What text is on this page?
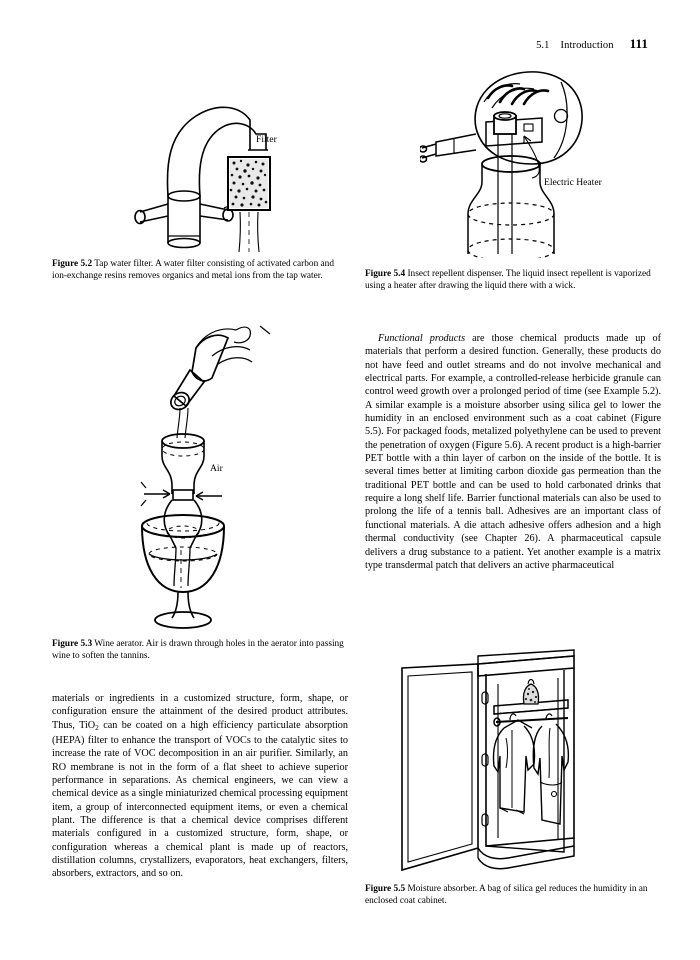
5.1 Introduction 111
Filter
Figure 5.2 Tap water filter. A water filter consisting of activated carbon and ion-exchange resins removes organics and metal ions from the tap water.
Electric Heater
Figure 5.4 Insect repellent dispenser. The liquid insect repellent is vaporized using a heater after drawing the liquid there with a wick.

Functional products are those chemical products made up of materials that perform a desired function. Generally, these products do not have feed and outlet streams and do not involve mechanical and electrical parts. For example, a controlled-release herbicide granule can control weed growth over a prolonged period of time (see Example 5.2). A similar example is a moisture absorber using silica gel to lower the humidity in an enclosed environment such as a coat cabinet (Figure 5.5). For packaged foods, metalized polyethylene can be used to prevent the penetration of oxygen (Figure 5.6). A recent product is a high-barrier PET bottle with a thin layer of carbon on the inside of the bottle. It is several times better at limiting carbon dioxide gas permeation than the traditional PET bottle and can be used to hold carbonated drinks that require a long shelf life. Barrier functional materials can also be used to prolong the life of a tennis ball. Adhesives are an important class of functional materials. A die attach adhesive offers adhesion and a high thermal conductivity (see Chapter 26). A pharmaceutical capsule delivers a drug substance to a patient. Yet another example is a matrix type transdermal patch that delivers an active pharmaceutical

Air
Figure 5.3 Wine aerator. Air is drawn through holes in the aerator into passing wine to soften the tannins.

materials or ingredients in a customized structure, form, shape, or configuration ensure the attainment of the desired product attributes. Thus, TiO$_2$ can be coated on a high efficiency particulate absorption (HEPA) filter to enhance the transport of VOCs to the catalytic sites to increase the rate of VOC decomposition in an air purifier. Similarly, an RO membrane is not in the form of a flat sheet to achieve superior performance in separations. As chemical engineers, we can view a chemical device as a single miniaturized chemical processing equipment item, a group of interconnected equipment items, or even a chemical plant. The difference is that a chemical device comprises different materials configured in a customized structure, form, shape, or configuration whereas a chemical plant is made up of reactors, distillation columns, crystallizers, evaporators, heat exchangers, filters, absorbers, extractors, and so on.

Figure 5.5 Moisture absorber. A bag of silica gel reduces the humidity in an enclosed coat cabinet.
